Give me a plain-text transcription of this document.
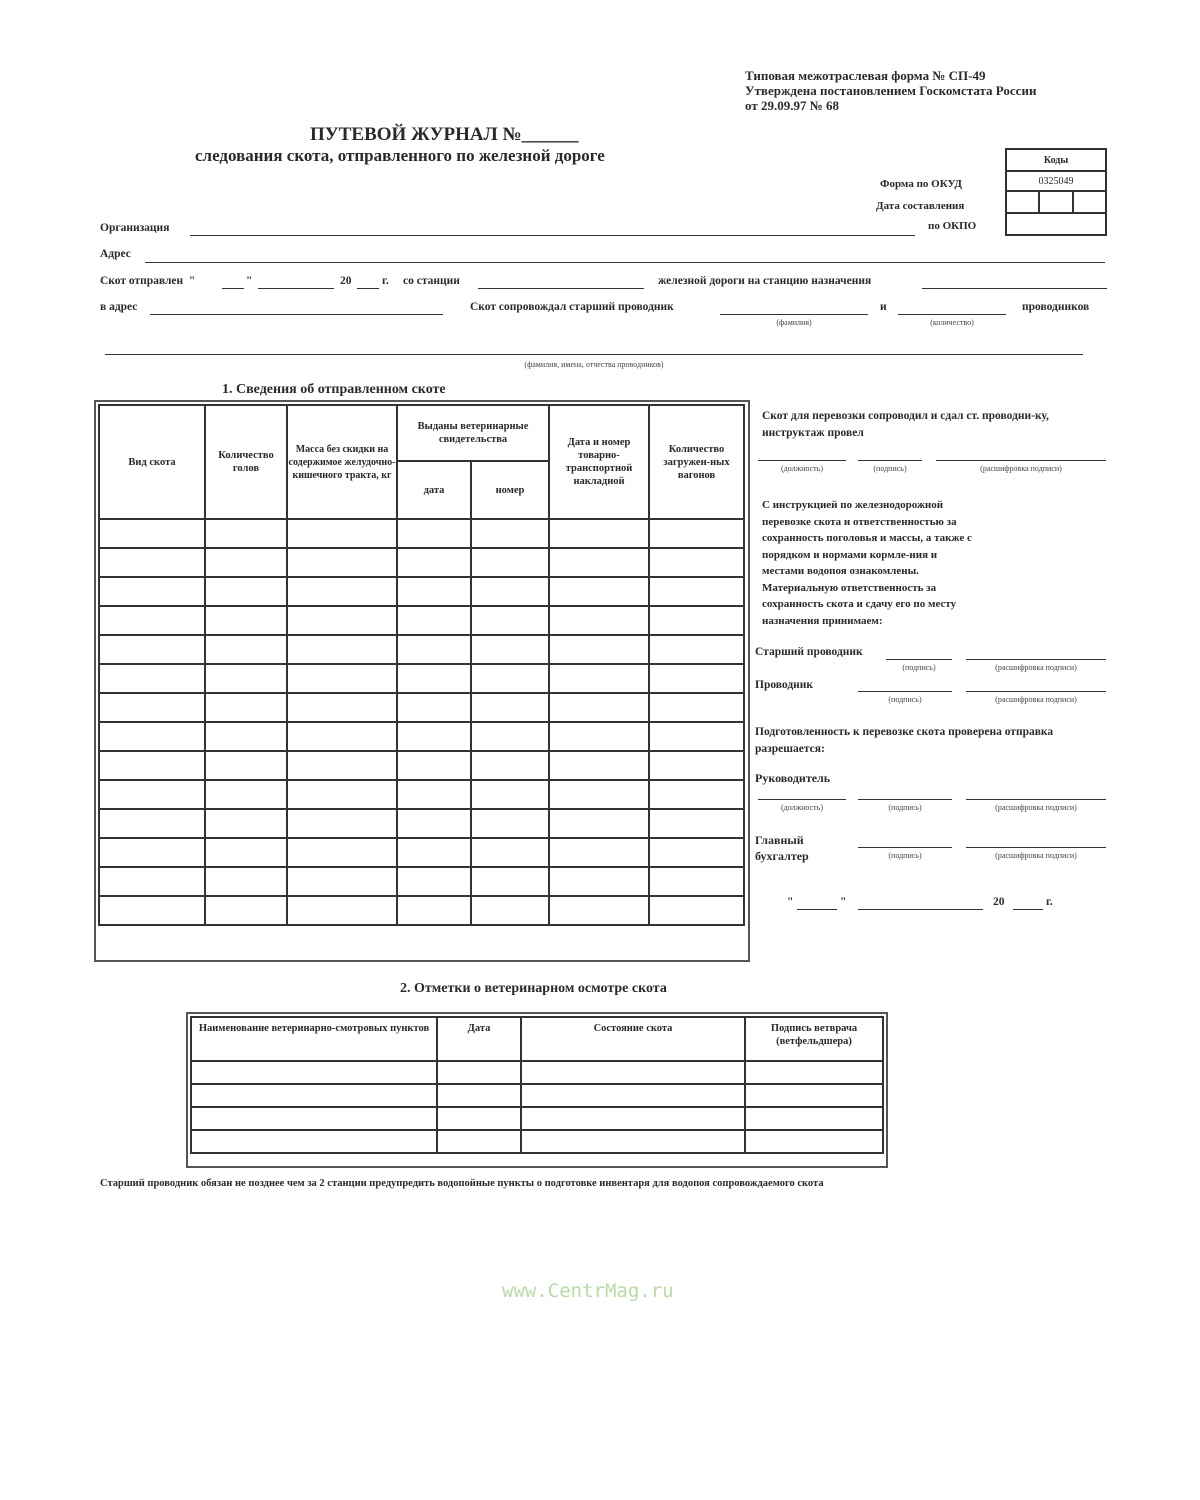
Типовая межотраслевая форма № СП-49
Утверждена постановлением Госкомстата России
от 29.09.97 № 68
ПУТЕВОЙ ЖУРНАЛ №______
следования скота, отправленного по железной дороге	Коды
0325049

Форма по ОКУД
Дата составления
по ОКПО
Организация
Адрес
Скот отправлен  "	"	20	г. со станции	железной дороги на станцию назначения
в адрес	Скот сопровождал старший проводник
(фамилия)
и
(количество)
проводников
(фамилия, имена, отчества проводников)
1. Сведения об отправленном скоте
Вид скота	Количество голов	Масса без скидки на содержимое желудочно-кишечного тракта, кг	Выданы ветеринарные свидетельства		Дата и номер товарно-транспортной накладной	Количество загружен-ных вагонов
			дата	номер		

Скот для перевозки сопроводил и сдал ст. проводни-ку, инструктаж провел
(должность)	(подпись)	(расшифровка подписи)
С инструкцией по железнодорожной перевозке скота и ответственностью за сохранность поголовья и массы, а также с порядком и нормами кормле-ния и местами водопоя ознакомлены. Материальную ответственность за сохранность скота и сдачу его по месту назначения принимаем:
Старший проводник
(подпись)	(расшифровка подписи)
Проводник
(подпись)	(расшифровка подписи)
Подготовленность к перевозке скота проверена отправка разрешается:
Руководитель
(должность)	(подпись)	(расшифровка подписи)
Главный
бухгалтер	(подпись)	(расшифровка подписи)
"	"	20	г.
2. Отметки о ветеринарном осмотре скота
Наименование ветеринарно-смотровых пунктов	Дата	Состояние скота	Подпись ветврача (ветфельдшера)

Старший проводник обязан не позднее чем за 2 станции предупредить водопойные пункты о подготовке инвентаря для водопоя сопровождаемого скота
www.CentrMag.ru
